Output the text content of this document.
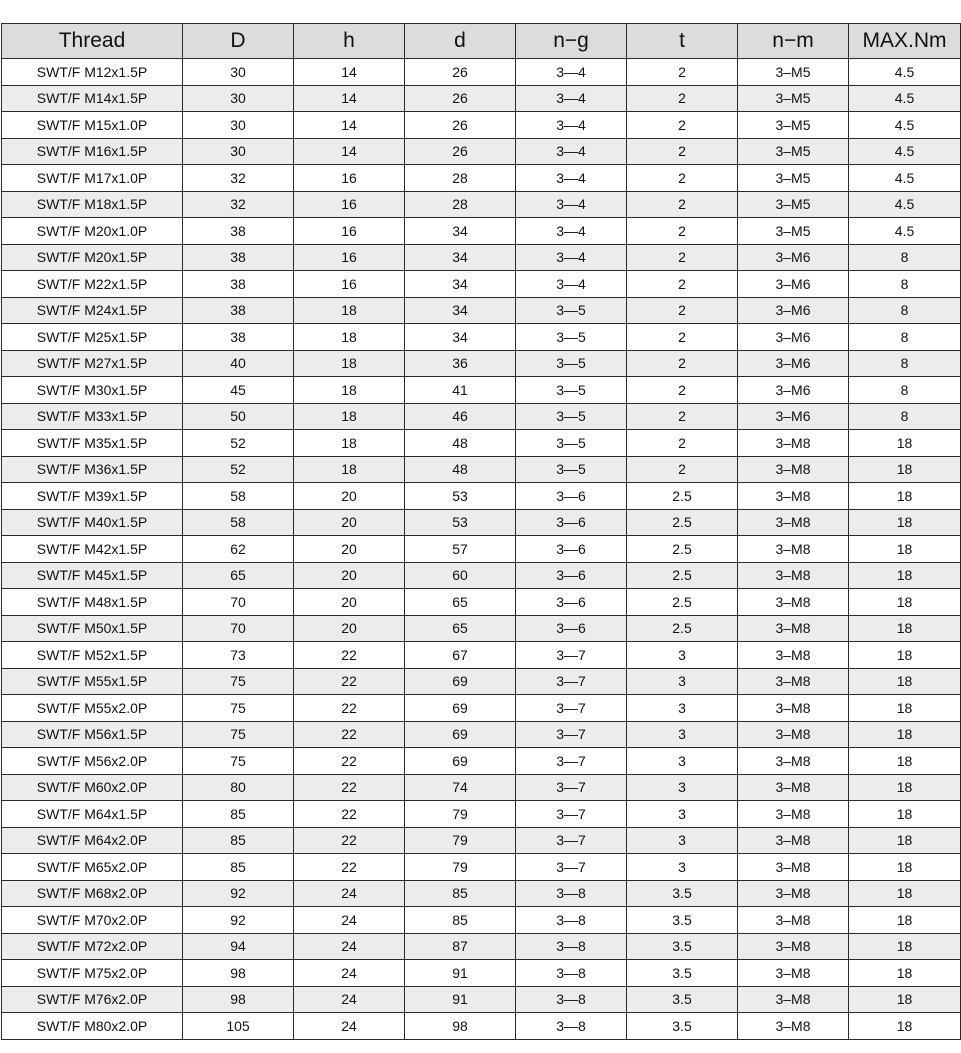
Thread	D	h	d	n−g	t	n−m	MAX.Nm
SWT/F M12x1.5P	30	14	26	3—4	2	3–M5	4.5
SWT/F M14x1.5P	30	14	26	3—4	2	3–M5	4.5
SWT/F M15x1.0P	30	14	26	3—4	2	3–M5	4.5
SWT/F M16x1.5P	30	14	26	3—4	2	3–M5	4.5
SWT/F M17x1.0P	32	16	28	3—4	2	3–M5	4.5
SWT/F M18x1.5P	32	16	28	3—4	2	3–M5	4.5
SWT/F M20x1.0P	38	16	34	3—4	2	3–M5	4.5
SWT/F M20x1.5P	38	16	34	3—4	2	3–M6	8
SWT/F M22x1.5P	38	16	34	3—4	2	3–M6	8
SWT/F M24x1.5P	38	18	34	3—5	2	3–M6	8
SWT/F M25x1.5P	38	18	34	3—5	2	3–M6	8
SWT/F M27x1.5P	40	18	36	3—5	2	3–M6	8
SWT/F M30x1.5P	45	18	41	3—5	2	3–M6	8
SWT/F M33x1.5P	50	18	46	3—5	2	3–M6	8
SWT/F M35x1.5P	52	18	48	3—5	2	3–M8	18
SWT/F M36x1.5P	52	18	48	3—5	2	3–M8	18
SWT/F M39x1.5P	58	20	53	3—6	2.5	3–M8	18
SWT/F M40x1.5P	58	20	53	3—6	2.5	3–M8	18
SWT/F M42x1.5P	62	20	57	3—6	2.5	3–M8	18
SWT/F M45x1.5P	65	20	60	3—6	2.5	3–M8	18
SWT/F M48x1.5P	70	20	65	3—6	2.5	3–M8	18
SWT/F M50x1.5P	70	20	65	3—6	2.5	3–M8	18
SWT/F M52x1.5P	73	22	67	3—7	3	3–M8	18
SWT/F M55x1.5P	75	22	69	3—7	3	3–M8	18
SWT/F M55x2.0P	75	22	69	3—7	3	3–M8	18
SWT/F M56x1.5P	75	22	69	3—7	3	3–M8	18
SWT/F M56x2.0P	75	22	69	3—7	3	3–M8	18
SWT/F M60x2.0P	80	22	74	3—7	3	3–M8	18
SWT/F M64x1.5P	85	22	79	3—7	3	3–M8	18
SWT/F M64x2.0P	85	22	79	3—7	3	3–M8	18
SWT/F M65x2.0P	85	22	79	3—7	3	3–M8	18
SWT/F M68x2.0P	92	24	85	3—8	3.5	3–M8	18
SWT/F M70x2.0P	92	24	85	3—8	3.5	3–M8	18
SWT/F M72x2.0P	94	24	87	3—8	3.5	3–M8	18
SWT/F M75x2.0P	98	24	91	3—8	3.5	3–M8	18
SWT/F M76x2.0P	98	24	91	3—8	3.5	3–M8	18
SWT/F M80x2.0P	105	24	98	3—8	3.5	3–M8	18
